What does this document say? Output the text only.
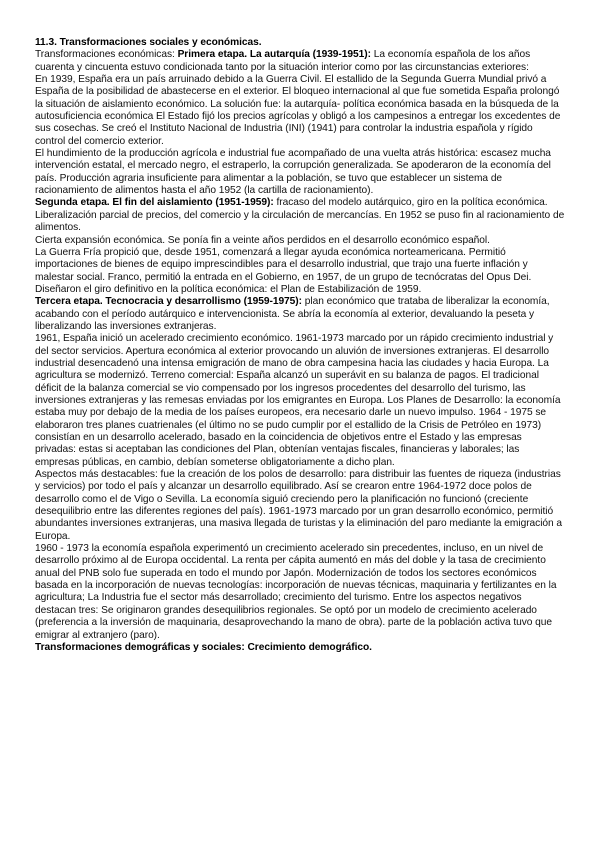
11.3. Transformaciones sociales y económicas.

Transformaciones económicas: Primera etapa. La autarquía (1939-1951): La economía española de los años cuarenta y cincuenta estuvo condicionada tanto por la situación interior como por las circunstancias exteriores:

En 1939, España era un país arruinado debido a la Guerra Civil. El estallido de la Segunda Guerra Mundial privó a España de la posibilidad de abastecerse en el exterior. El bloqueo internacional al que fue sometida España prolongó la situación de aislamiento económico. La solución fue: la autarquía- política económica basada en la búsqueda de la autosuficiencia económica El Estado fijó los precios agrícolas y obligó a los campesinos a entregar los excedentes de sus cosechas. Se creó el Instituto Nacional de Industria (INI) (1941) para controlar la industria española y rígido control del comercio exterior.

El hundimiento de la producción agrícola e industrial fue acompañado de una vuelta atrás histórica: escasez mucha intervención estatal, el mercado negro, el estraperlo, la corrupción generalizada. Se apoderaron de la economía del país. Producción agraria insuficiente para alimentar a la población, se tuvo que establecer un sistema de racionamiento de alimentos hasta el año 1952 (la cartilla de racionamiento).

Segunda etapa. El fin del aislamiento (1951-1959): fracaso del modelo autárquico, giro en la política económica. Liberalización parcial de precios, del comercio y la circulación de mercancías. En 1952 se puso fin al racionamiento de alimentos.

Cierta expansión económica. Se ponía fin a veinte años perdidos en el desarrollo económico español.

La Guerra Fría propició que, desde 1951, comenzará a llegar ayuda económica norteamericana. Permitió importaciones de bienes de equipo imprescindibles para el desarrollo industrial, que trajo una fuerte inflación y malestar social. Franco, permitió la entrada en el Gobierno, en 1957, de un grupo de tecnócratas del Opus Dei. Diseñaron el giro definitivo en la política económica: el Plan de Estabilización de 1959.

Tercera etapa. Tecnocracia y desarrollismo (1959-1975): plan económico que trataba de liberalizar la economía, acabando con el período autárquico e intervencionista. Se abría la economía al exterior, devaluando la peseta y liberalizando las inversiones extranjeras.

1961, España inició un acelerado crecimiento económico. 1961-1973 marcado por un rápido crecimiento industrial y del sector servicios. Apertura económica al exterior provocando un aluvión de inversiones extranjeras. El desarrollo industrial desencadenó una intensa emigración de mano de obra campesina hacia las ciudades y hacia Europa. La agricultura se modernizó. Terreno comercial: España alcanzó un superávit en su balanza de pagos. El tradicional déficit de la balanza comercial se vio compensado por los ingresos procedentes del desarrollo del turismo, las inversiones extranjeras y las remesas enviadas por los emigrantes en Europa. Los Planes de Desarrollo: la economía estaba muy por debajo de la media de los países europeos, era necesario darle un nuevo impulso. 1964 - 1975 se elaboraron tres planes cuatrienales (el último no se pudo cumplir por el estallido de la Crisis de Petróleo en 1973) consistían en un desarrollo acelerado, basado en la coincidencia de objetivos entre el Estado y las empresas privadas: estas si aceptaban las condiciones del Plan, obtenían ventajas fiscales, financieras y laborales; las empresas públicas, en cambio, debían someterse obligatoriamente a dicho plan.

Aspectos más destacables: fue la creación de los polos de desarrollo: para distribuir las fuentes de riqueza (industrias y servicios) por todo el país y alcanzar un desarrollo equilibrado. Así se crearon entre 1964-1972 doce polos de desarrollo como el de Vigo o Sevilla. La economía siguió creciendo pero la planificación no funcionó (creciente desequilibrio entre las diferentes regiones del país). 1961-1973 marcado por un gran desarrollo económico, permitió abundantes inversiones extranjeras, una masiva llegada de turistas y la eliminación del paro mediante la emigración a Europa.

1960 - 1973 la economía española experimentó un crecimiento acelerado sin precedentes, incluso, en un nivel de desarrollo próximo al de Europa occidental. La renta per cápita aumentó en más del doble y la tasa de crecimiento anual del PNB solo fue superada en todo el mundo por Japón. Modernización de todos los sectores económicos basada en la incorporación de nuevas tecnologías: incorporación de nuevas técnicas, maquinaria y fertilizantes en la agricultura; La Industria fue el sector más desarrollado; crecimiento del turismo. Entre los aspectos negativos destacan tres: Se originaron grandes desequilibrios regionales. Se optó por un modelo de crecimiento acelerado (preferencia a la inversión de maquinaria, desaprovechando la mano de obra). parte de la población activa tuvo que emigrar al extranjero (paro).

Transformaciones demográficas y sociales: Crecimiento demográfico.
